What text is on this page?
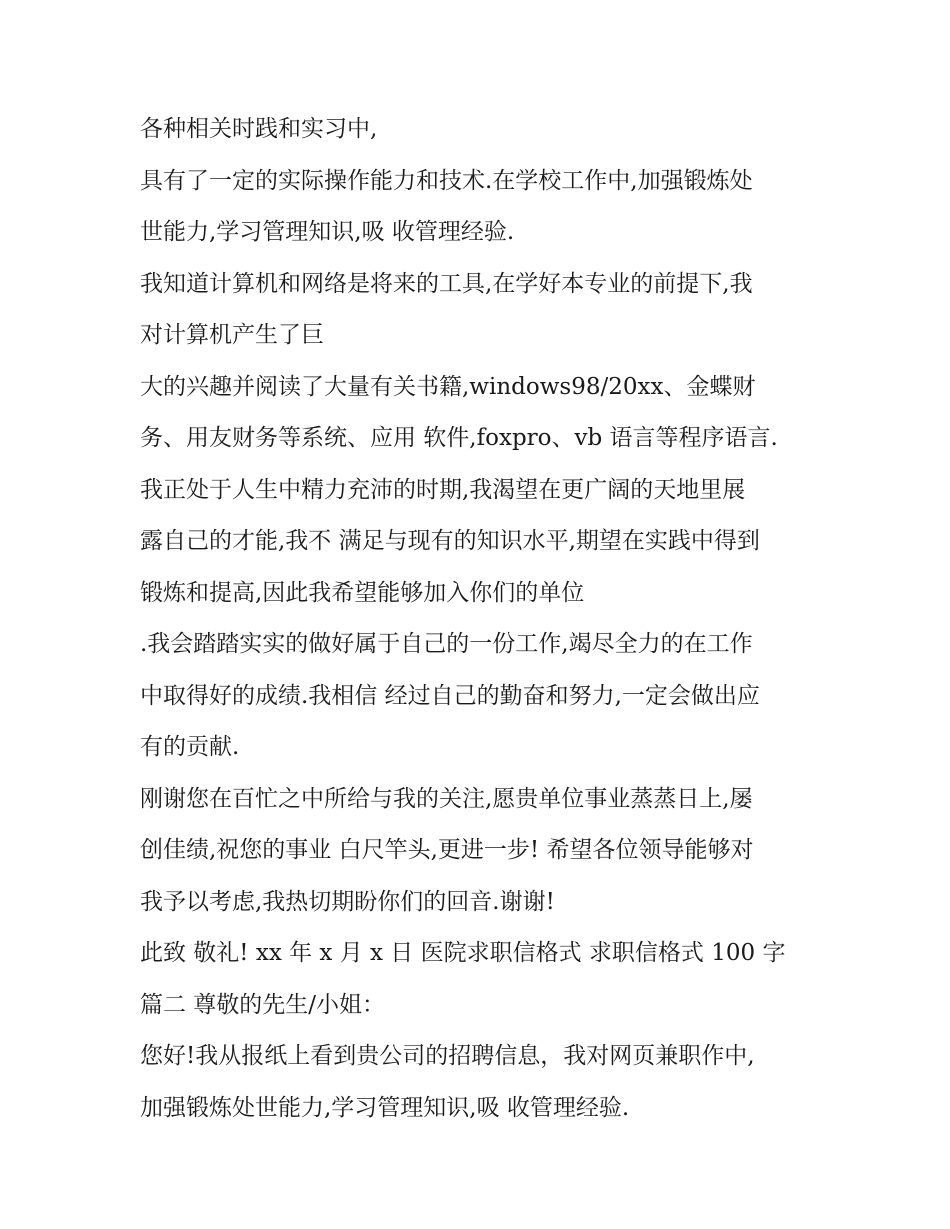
各种相关时践和实习中,
具有了一定的实际操作能力和技术.在学校工作中,加强锻炼处
世能力,学习管理知识,吸 收管理经验.
我知道计算机和网络是将来的工具,在学好本专业的前提下,我
对计算机产生了巨
大的兴趣并阅读了大量有关书籍,windows98/20xx、金蝶财
务、用友财务等系统、应用 软件,foxpro、vb 语言等程序语言.
我正处于人生中精力充沛的时期,我渴望在更广阔的天地里展
露自己的才能,我不 满足与现有的知识水平,期望在实践中得到
锻炼和提高,因此我希望能够加入你们的单位
.我会踏踏实实的做好属于自己的一份工作,竭尽全力的在工作
中取得好的成绩.我相信 经过自己的勤奋和努力,一定会做出应
有的贡献.
刚谢您在百忙之中所给与我的关注,愿贵单位事业蒸蒸日上,屡
创佳绩,祝您的事业 白尺竿头,更进一步! 希望各位领导能够对
我予以考虑,我热切期盼你们的回音.谢谢!
此致 敬礼! xx 年 x 月 x 日 医院求职信格式 求职信格式 100 字
篇二 尊敬的先生/小姐：
您好!我从报纸上看到贵公司的招聘信息，我对网页兼职作中,
加强锻炼处世能力,学习管理知识,吸 收管理经验.
